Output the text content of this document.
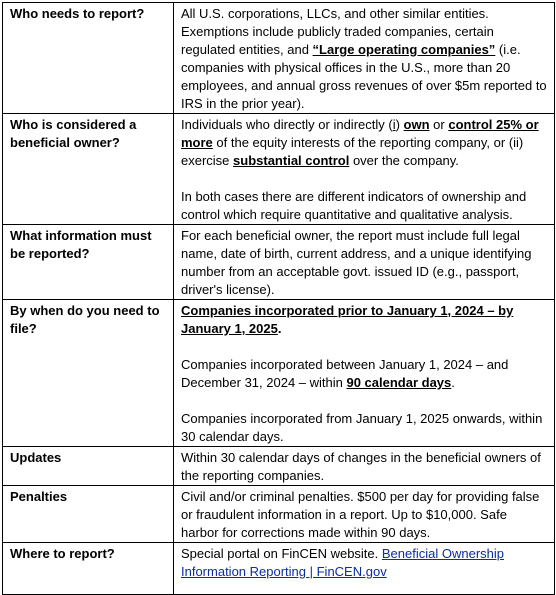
Who needs to report?	All U.S. corporations, LLCs, and other similar entities. Exemptions include publicly traded companies, certain regulated entities, and “Large operating companies” (i.e. companies with physical offices in the U.S., more than 20 employees, and annual gross revenues of over $5m reported to IRS in the prior year).

Who is considered a beneficial owner?	Individuals who directly or indirectly (i) own or control 25% or more of the equity interests of the reporting company, or (ii) exercise substantial control over the company.

In both cases there are different indicators of ownership and control which require quantitative and qualitative analysis.

What information must be reported?	For each beneficial owner, the report must include full legal name, date of birth, current address, and a unique identifying number from an acceptable govt. issued ID (e.g., passport, driver's license).

By when do you need to file?	Companies incorporated prior to January 1, 2024 – by January 1, 2025.

Companies incorporated between January 1, 2024 – and December 31, 2024 – within 90 calendar days.

Companies incorporated from January 1, 2025 onwards, within 30 calendar days.

Updates	Within 30 calendar days of changes in the beneficial owners of the reporting companies.

Penalties	Civil and/or criminal penalties. $500 per day for providing false or fraudulent information in a report. Up to $10,000. Safe harbor for corrections made within 90 days.

Where to report?	Special portal on FinCEN website. Beneficial Ownership Information Reporting | FinCEN.gov
